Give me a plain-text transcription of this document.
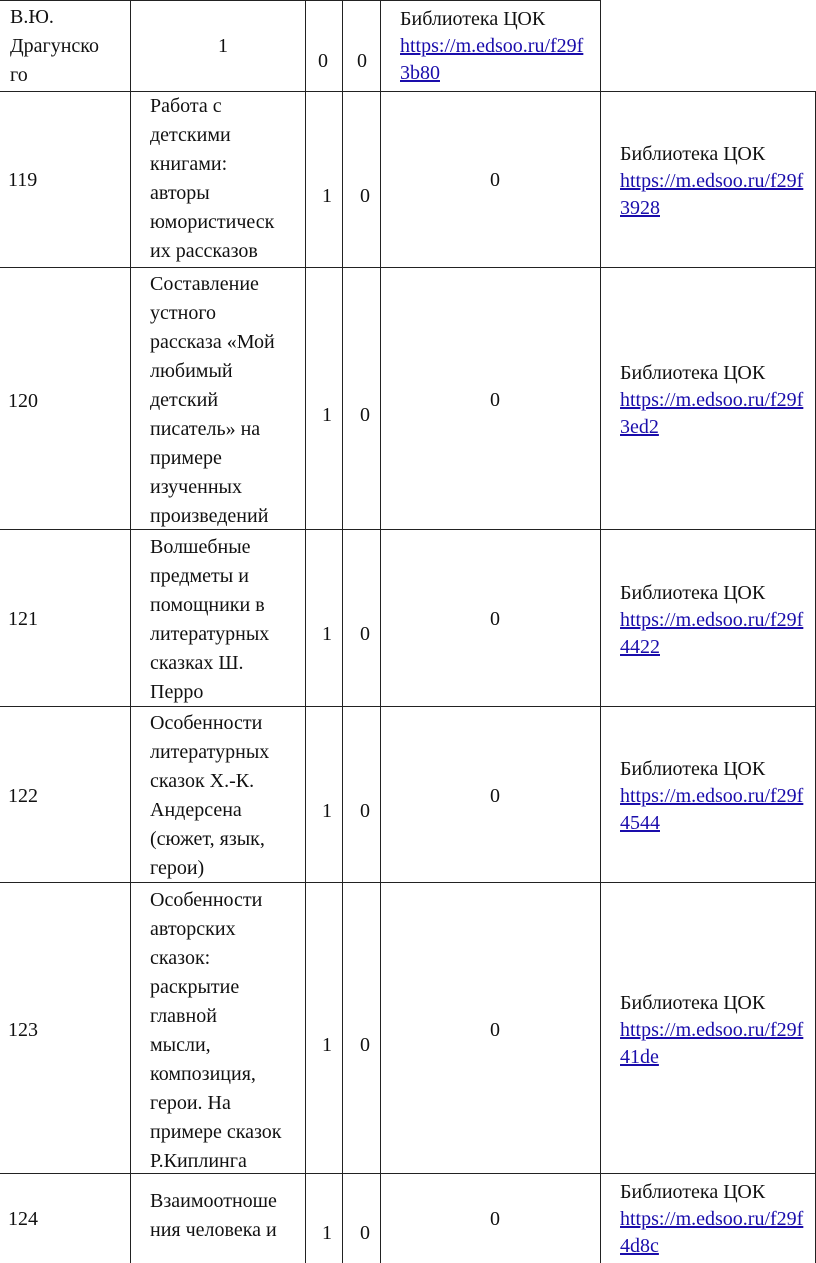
В.Ю.
Драгунско
го
1
0 0
Библиотека ЦОК
https://m.edsoo.ru/f29f
3b80
119
Работа с
детскими
книгами:
авторы
юмористическ
их рассказов
1 0
0
Библиотека ЦОК
https://m.edsoo.ru/f29f
3928
120
Составление
устного
рассказа «Мой
любимый
детский
писатель» на
примере
изученных
произведений
1 0
0
Библиотека ЦОК
https://m.edsoo.ru/f29f
3ed2
121
Волшебные
предметы и
помощники в
литературных
сказках Ш.
Перро
1 0
0
Библиотека ЦОК
https://m.edsoo.ru/f29f
4422
122
Особенности
литературных
сказок Х.-К.
Андерсена
(сюжет, язык,
герои)
1 0
0
Библиотека ЦОК
https://m.edsoo.ru/f29f
4544
123
Особенности
авторских
сказок:
раскрытие
главной
мысли,
композиция,
герои. На
примере сказок
Р.Киплинга
1 0
0
Библиотека ЦОК
https://m.edsoo.ru/f29f
41de
124
Взаимоотноше
ния человека и 1 0
0
Библиотека ЦОК
https://m.edsoo.ru/f29f
4d8c
